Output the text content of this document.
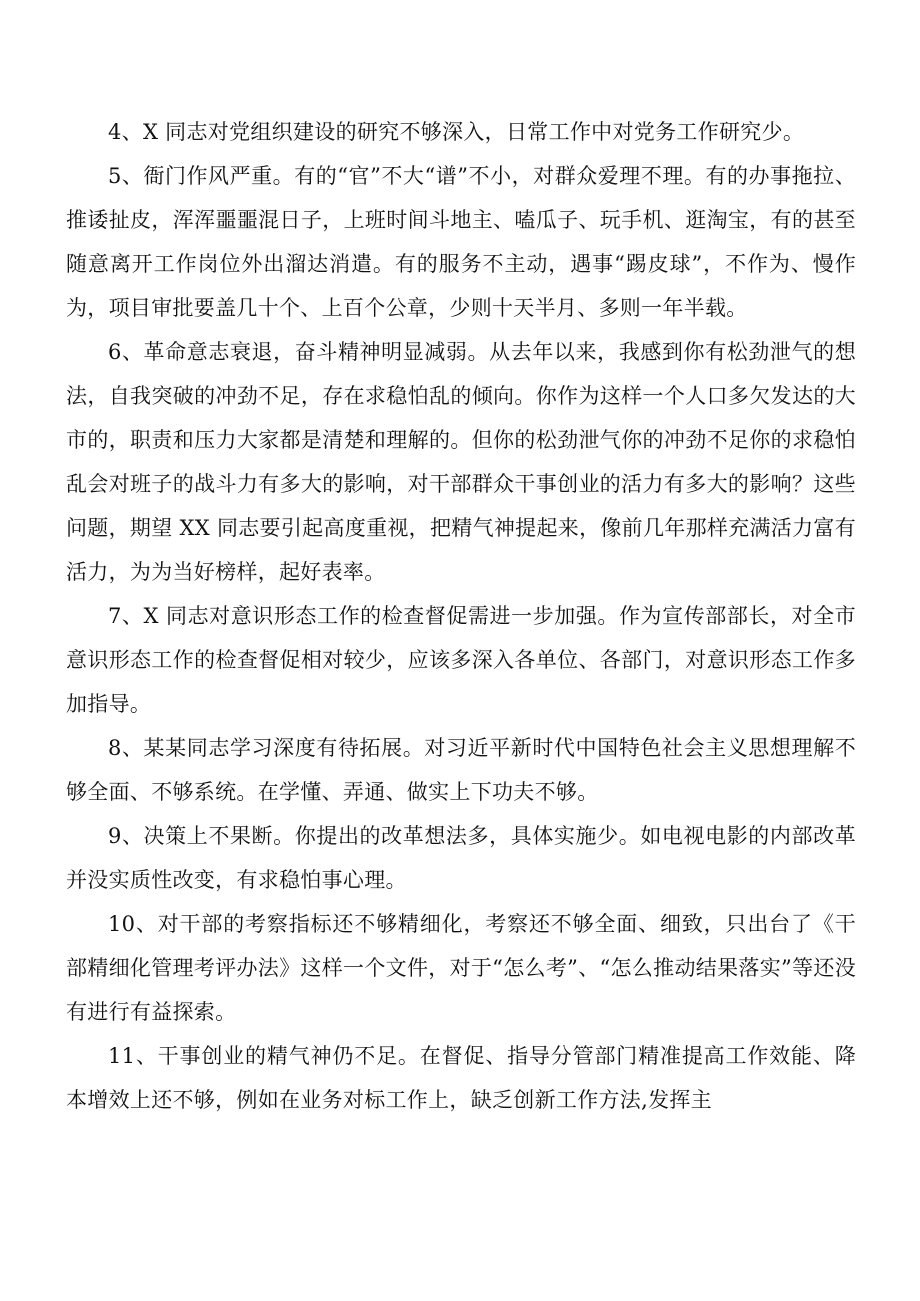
4、X 同志对党组织建设的研究不够深入，日常工作中对党务工作研究少。

5、衙门作风严重。有的“官”不大“谱”不小，对群众爱理不理。有的办事拖拉、推诿扯皮，浑浑噩噩混日子，上班时间斗地主、嗑瓜子、玩手机、逛淘宝，有的甚至随意离开工作岗位外出溜达消遣。有的服务不主动，遇事“踢皮球”，不作为、慢作为，项目审批要盖几十个、上百个公章，少则十天半月、多则一年半载。

6、革命意志衰退，奋斗精神明显减弱。从去年以来，我感到你有松劲泄气的想法，自我突破的冲劲不足，存在求稳怕乱的倾向。你作为这样一个人口多欠发达的大市的，职责和压力大家都是清楚和理解的。但你的松劲泄气你的冲劲不足你的求稳怕乱会对班子的战斗力有多大的影响，对干部群众干事创业的活力有多大的影响？这些问题，期望 XX 同志要引起高度重视，把精气神提起来，像前几年那样充满活力富有活力，为为当好榜样，起好表率。

7、X 同志对意识形态工作的检查督促需进一步加强。作为宣传部部长，对全市意识形态工作的检查督促相对较少，应该多深入各单位、各部门，对意识形态工作多加指导。

8、某某同志学习深度有待拓展。对习近平新时代中国特色社会主义思想理解不够全面、不够系统。在学懂、弄通、做实上下功夫不够。

9、决策上不果断。你提出的改革想法多，具体实施少。如电视电影的内部改革并没实质性改变，有求稳怕事心理。

10、对干部的考察指标还不够精细化，考察还不够全面、细致，只出台了《干部精细化管理考评办法》这样一个文件，对于“怎么考”、“怎么推动结果落实”等还没有进行有益探索。

11、干事创业的精气神仍不足。在督促、指导分管部门精准提高工作效能、降本增效上还不够，例如在业务对标工作上，缺乏创新工作方法,发挥主
